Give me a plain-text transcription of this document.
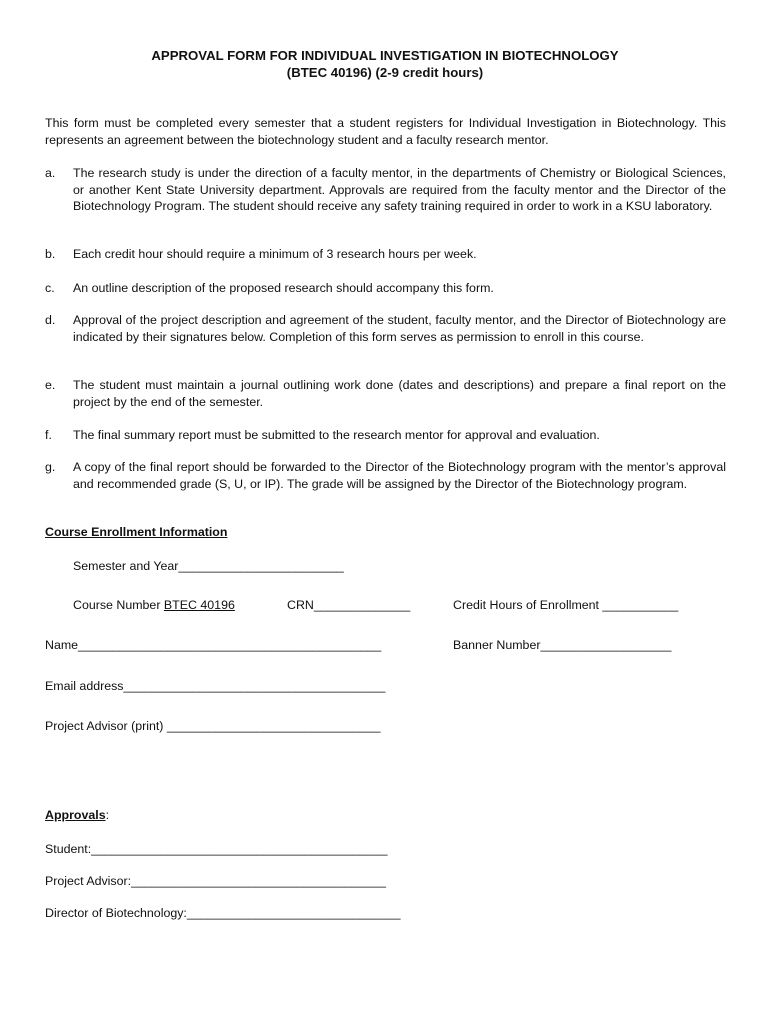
APPROVAL FORM FOR INDIVIDUAL INVESTIGATION IN BIOTECHNOLOGY
(BTEC 40196) (2-9 credit hours)
This form must be completed every semester that a student registers for Individual Investigation in Biotechnology. This represents an agreement between the biotechnology student and a faculty research mentor.
a.	The research study is under the direction of a faculty mentor, in the departments of Chemistry or Biological Sciences, or another Kent State University department. Approvals are required from the faculty mentor and the Director of the Biotechnology Program. The student should receive any safety training required in order to work in a KSU laboratory.
b.	Each credit hour should require a minimum of 3 research hours per week.
c.	An outline description of the proposed research should accompany this form.
d.	Approval of the project description and agreement of the student, faculty mentor, and the Director of Biotechnology are indicated by their signatures below. Completion of this form serves as permission to enroll in this course.
e.	The student must maintain a journal outlining work done (dates and descriptions) and prepare a final report on the project by the end of the semester.
f.	The final summary report must be submitted to the research mentor for approval and evaluation.
g.	A copy of the final report should be forwarded to the Director of the Biotechnology program with the mentor’s approval and recommended grade (S, U, or IP). The grade will be assigned by the Director of the Biotechnology program.
Course Enrollment Information
Semester and Year________________________
Course Number BTEC 40196	CRN______________	Credit Hours of Enrollment ___________
Name____________________________________________	Banner Number___________________
Email address______________________________________
Project Advisor (print) _______________________________
Approvals:
Student:___________________________________________
Project Advisor:_____________________________________
Director of Biotechnology:_______________________________
